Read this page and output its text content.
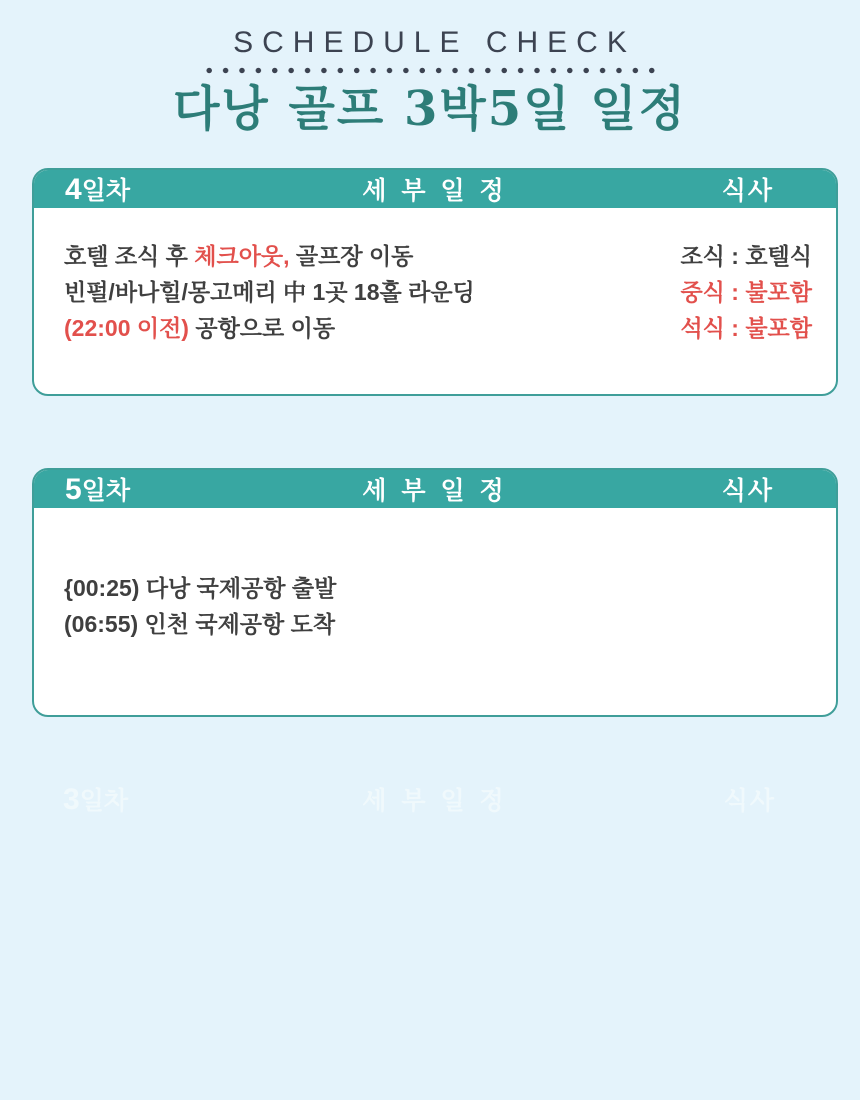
SCHEDULE CHECK
다낭 골프 3박5일 일정
4일차	세 부 일 정	식사
호텔 조식 후 체크아웃, 골프장 이동	조식 : 호텔식
빈펄/바나힐/몽고메리 中 1곳 18홀 라운딩	중식 : 불포함
(22:00 이전) 공항으로 이동	석식 : 불포함
5일차	세 부 일 정	식사
{00:25) 다낭 국제공항 출발
(06:55) 인천 국제공항 도착
3일차	세 부 일 정	식사
